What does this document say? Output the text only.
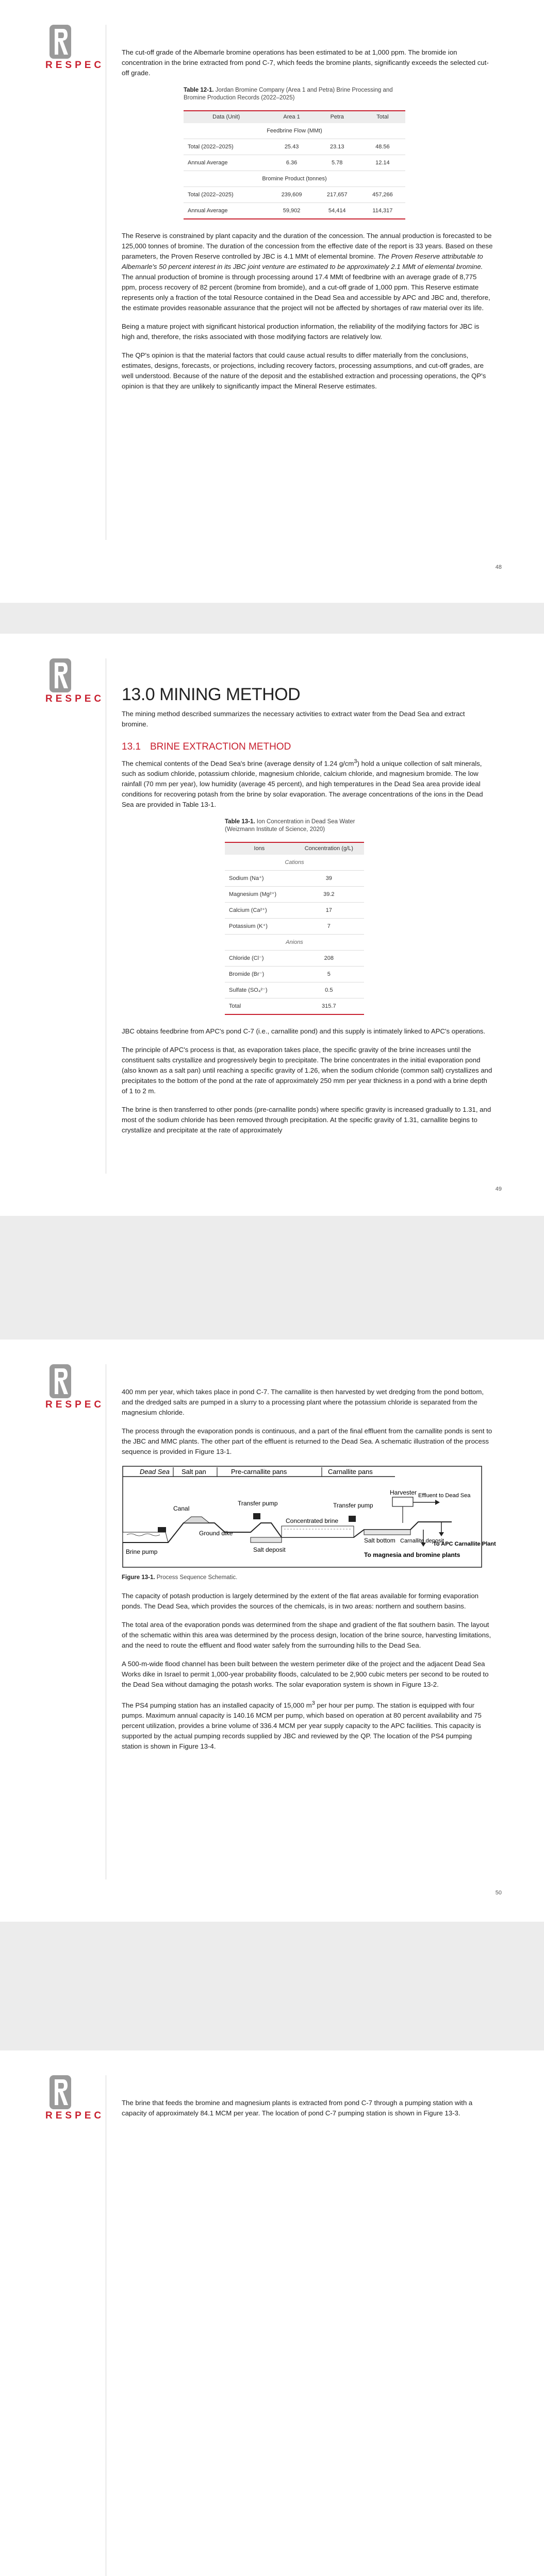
RESPEC

The cut-off grade of the Albemarle bromine operations has been estimated to be at 1,000 ppm. The bromide ion concentration in the brine extracted from pond C-7, which feeds the bromine plants, significantly exceeds the selected cut-off grade.

Table 12-1. Jordan Bromine Company (Area 1 and Petra) Brine Processing and Bromine Production Records (2022–2025)

Data (Unit)	Area 1	Petra	Total
Feedbrine Flow (MMt)			
Total (2022–2025)	25.43	23.13	48.56
Annual Average	6.36	5.78	12.14
Bromine Product (tonnes)			
Total (2022–2025)	239,609	217,657	457,266
Annual Average	59,902	54,414	114,317

The Reserve is constrained by plant capacity and the duration of the concession. The annual production is forecasted to be 125,000 tonnes of bromine. The duration of the concession from the effective date of the report is 33 years. Based on these parameters, the Proven Reserve controlled by JBC is 4.1 MMt of elemental bromine. The Proven Reserve attributable to Albemarle's 50 percent interest in its JBC joint venture are estimated to be approximately 2.1 MMt of elemental bromine. The annual production of bromine is through processing around 17.4 MMt of feedbrine with an average grade of 8,775 ppm, process recovery of 82 percent (bromine from bromide), and a cut-off grade of 1,000 ppm. This Reserve estimate represents only a fraction of the total Resource contained in the Dead Sea and accessible by APC and JBC and, therefore, the estimate provides reasonable assurance that the project will not be affected by shortages of raw material over its life.

Being a mature project with significant historical production information, the reliability of the modifying factors for JBC is high and, therefore, the risks associated with those modifying factors are relatively low.

The QP's opinion is that the material factors that could cause actual results to differ materially from the conclusions, estimates, designs, forecasts, or projections, including recovery factors, processing assumptions, and cut-off grades, are well understood. Because of the nature of the deposit and the established extraction and processing operations, the QP's opinion is that they are unlikely to significantly impact the Mineral Reserve estimates.

48
RESPEC 13.0 MINING METHOD

The mining method described summarizes the necessary activities to extract water from the Dead Sea and extract bromine.

13.1 BRINE EXTRACTION METHOD

The chemical contents of the Dead Sea's brine (average density of 1.24 $g/cm^3$) hold a unique collection of salt minerals, such as sodium chloride, potassium chloride, magnesium chloride, calcium chloride, and magnesium bromide. The low rainfall (70 mm per year), low humidity (average 45 percent), and high temperatures in the Dead Sea area provide ideal conditions for recovering potash from the brine by solar evaporation. The average concentrations of the ions in the Dead Sea are provided in Table 13-1.

Table 13-1. Ion Concentration in Dead Sea Water (Weizmann Institute of Science, 2020)

Ions	Concentration (g/L)
Cations	
Sodium (Na⁺)	39
Magnesium (Mg²⁺)	39.2
Calcium (Ca²⁺)	17
Potassium (K⁺)	7
Anions	
Chloride (Cl⁻)	208
Bromide (Br⁻)	5
Sulfate (SO₄²⁻)	0.5
Total	315.7

JBC obtains feedbrine from APC's pond C-7 (i.e., carnallite pond) and this supply is intimately linked to APC's operations.

The principle of APC's process is that, as evaporation takes place, the specific gravity of the brine increases until the constituent salts crystallize and progressively begin to precipitate. The brine concentrates in the initial evaporation pond (also known as a salt pan) until reaching a specific gravity of 1.26, when the sodium chloride (common salt) crystallizes and precipitates to the bottom of the pond at the rate of approximately 250 mm per year thickness in a pond with a brine depth of 1 to 2 m.

The brine is then transferred to other ponds (pre-carnallite ponds) where specific gravity is increased gradually to 1.31, and most of the sodium chloride has been removed through precipitation. At the specific gravity of 1.31, carnallite begins to crystallize and precipitate at the rate of approximately

49
RESPEC

400 mm per year, which takes place in pond C-7. The carnallite is then harvested by wet dredging from the pond bottom, and the dredged salts are pumped in a slurry to a processing plant where the potassium chloride is separated from the magnesium chloride.

The process through the evaporation ponds is continuous, and a part of the final effluent from the carnallite ponds is sent to the JBC and MMC plants. The other part of the effluent is returned to the Dead Sea. A schematic illustration of the process sequence is provided in Figure 13-1.

Dead Sea Salt pan	Pre-carnallite pans	Carnallite pans
Harvester Effluent to Dead Sea
Canal
Transfer pump	Transfer pump
Brine pump
Ground dike
Salt deposit
Concentrated brine
Salt bottom Carnallite deposit
To APC Carnallite Plant
To magnesia and bromine plants

Figure 13-1. Process Sequence Schematic.

The capacity of potash production is largely determined by the extent of the flat areas available for forming evaporation ponds. The Dead Sea, which provides the sources of the chemicals, is in two areas: northern and southern basins.

The total area of the evaporation ponds was determined from the shape and gradient of the flat southern basin. The layout of the schematic within this area was determined by the process design, location of the brine source, harvesting limitations, and the need to route the effluent and flood water safely from the surrounding hills to the Dead Sea.

A 500-m-wide flood channel has been built between the western perimeter dike of the project and the adjacent Dead Sea Works dike in Israel to permit 1,000-year probability floods, calculated to be 2,900 cubic meters per second to be routed to the Dead Sea without damaging the potash works. The solar evaporation system is shown in Figure 13-2.

The PS4 pumping station has an installed capacity of 15,000 $m^3$ per hour per pump. The station is equipped with four pumps. Maximum annual capacity is 140.16 MCM per pump, which based on operation at 80 percent availability and 75 percent utilization, provides a brine volume of 336.4 MCM per year supply capacity to the APC facilities. This capacity is supported by the actual pumping records supplied by JBC and reviewed by the QP. The location of the PS4 pumping station is shown in Figure 13-4.

50
RESPEC

The brine that feeds the bromine and magnesium plants is extracted from pond C-7 through a pumping station with a capacity of approximately 84.1 MCM per year. The location of pond C-7 pumping station is shown in Figure 13-3.
